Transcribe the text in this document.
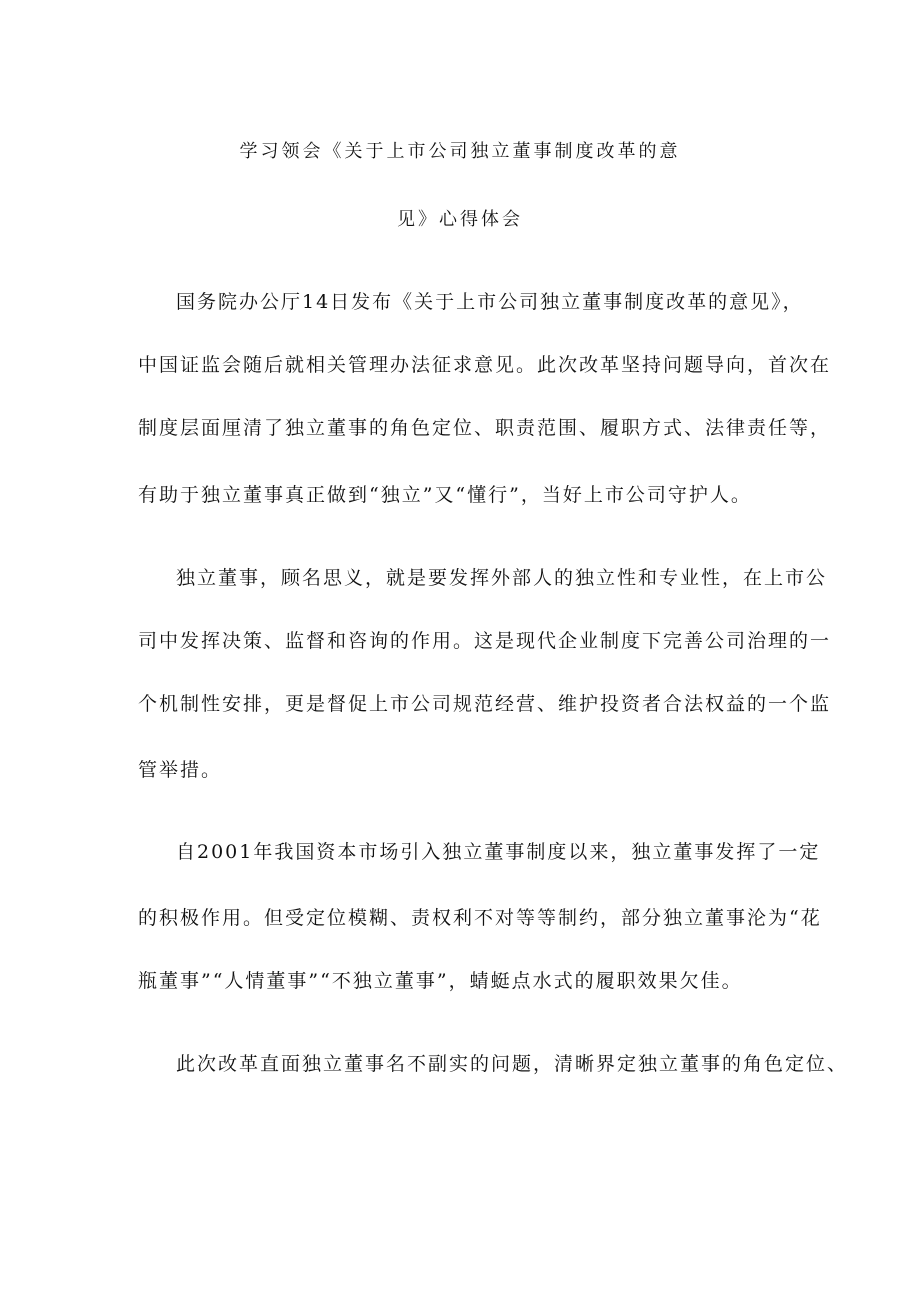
学习领会《关于上市公司独立董事制度改革的意
见》心得体会
国务院办公厅14日发布《关于上市公司独立董事制度改革的意见》，
中国证监会随后就相关管理办法征求意见。此次改革坚持问题导向，首次在
制度层面厘清了独立董事的角色定位、职责范围、履职方式、法律责任等，
有助于独立董事真正做到“独立”又“懂行”，当好上市公司守护人。
独立董事，顾名思义，就是要发挥外部人的独立性和专业性，在上市公
司中发挥决策、监督和咨询的作用。这是现代企业制度下完善公司治理的一
个机制性安排，更是督促上市公司规范经营、维护投资者合法权益的一个监
管举措。
自2001年我国资本市场引入独立董事制度以来，独立董事发挥了一定
的积极作用。但受定位模糊、责权利不对等等制约，部分独立董事沦为“花
瓶董事”“人情董事”“不独立董事”，蜻蜓点水式的履职效果欠佳。
此次改革直面独立董事名不副实的问题，清晰界定独立董事的角色定位、
